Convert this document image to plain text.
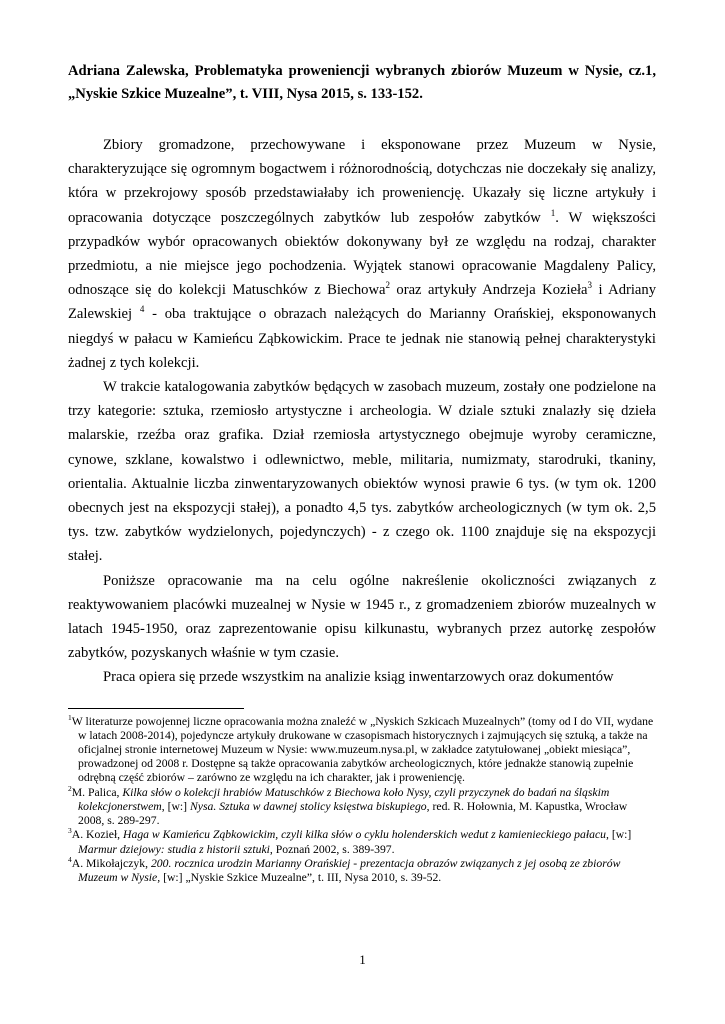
Adriana Zalewska, Problematyka proweniencji wybranych zbiorów Muzeum w Nysie, cz.1, „Nyskie Szkice Muzealne”, t. VIII, Nysa 2015, s. 133-152.

Zbiory gromadzone, przechowywane i eksponowane przez Muzeum w Nysie, charakteryzujące się ogromnym bogactwem i różnorodnością, dotychczas nie doczekały się analizy, która w przekrojowy sposób przedstawiałaby ich proweniencję. Ukazały się liczne artykuły i opracowania dotyczące poszczególnych zabytków lub zespołów zabytków $^1$. W większości przypadków wybór opracowanych obiektów dokonywany był ze względu na rodzaj, charakter przedmiotu, a nie miejsce jego pochodzenia. Wyjątek stanowi opracowanie Magdaleny Palicy, odnoszące się do kolekcji Matuschków z Biechowa$^2$ oraz artykuły Andrzeja Kozieła$^3$ i Adriany Zalewskiej $^4$ - oba traktujące o obrazach należących do Marianny Orańskiej, eksponowanych niegdyś w pałacu w Kamieńcu Ząbkowickim. Prace te jednak nie stanowią pełnej charakterystyki żadnej z tych kolekcji.

W trakcie katalogowania zabytków będących w zasobach muzeum, zostały one podzielone na trzy kategorie: sztuka, rzemiosło artystyczne i archeologia. W dziale sztuki znalazły się dzieła malarskie, rzeźba oraz grafika. Dział rzemiosła artystycznego obejmuje wyroby ceramiczne, cynowe, szklane, kowalstwo i odlewnictwo, meble, militaria, numizmaty, starodruki, tkaniny, orientalia. Aktualnie liczba zinwentaryzowanych obiektów wynosi prawie 6 tys. (w tym ok. 1200 obecnych jest na ekspozycji stałej), a ponadto 4,5 tys. zabytków archeologicznych (w tym ok. 2,5 tys. tzw. zabytków wydzielonych, pojedynczych) - z czego ok. 1100 znajduje się na ekspozycji stałej.

Poniższe opracowanie ma na celu ogólne nakreślenie okoliczności związanych z reaktywowaniem placówki muzealnej w Nysie w 1945 r., z gromadzeniem zbiorów muzealnych w latach 1945-1950, oraz zaprezentowanie opisu kilkunastu, wybranych przez autorkę zespołów zabytków, pozyskanych właśnie w tym czasie.

Praca opiera się przede wszystkim na analizie ksiąg inwentarzowych oraz dokumentów

$^1$W literaturze powojennej liczne opracowania można znaleźć w „Nyskich Szkicach Muzealnych” (tomy od I do VII, wydane w latach 2008-2014), pojedyncze artykuły drukowane w czasopismach historycznych i zajmujących się sztuką, a także na oficjalnej stronie internetowej Muzeum w Nysie: www.muzeum.nysa.pl, w zakładce zatytułowanej „obiekt miesiąca”, prowadzonej od 2008 r. Dostępne są także opracowania zabytków archeologicznych, które jednakże stanowią zupełnie odrębną część zbiorów – zarówno ze względu na ich charakter, jak i proweniencję.
$^2$M. Palica, Kilka słów o kolekcji hrabiów Matuschków z Biechowa koło Nysy, czyli przyczynek do badań na śląskim kolekcjonerstwem, [w:] Nysa. Sztuka w dawnej stolicy księstwa biskupiego, red. R. Hołownia, M. Kapustka, Wrocław 2008, s. 289-297.
$^3$A. Kozieł, Haga w Kamieńcu Ząbkowickim, czyli kilka słów o cyklu holenderskich wedut z kamienieckiego pałacu, [w:] Marmur dziejowy: studia z historii sztuki, Poznań 2002, s. 389-397.
$^4$A. Mikołajczyk, 200. rocznica urodzin Marianny Orańskiej - prezentacja obrazów związanych z jej osobą ze zbiorów Muzeum w Nysie, [w:] „Nyskie Szkice Muzealne”, t. III, Nysa 2010, s. 39-52.
1
